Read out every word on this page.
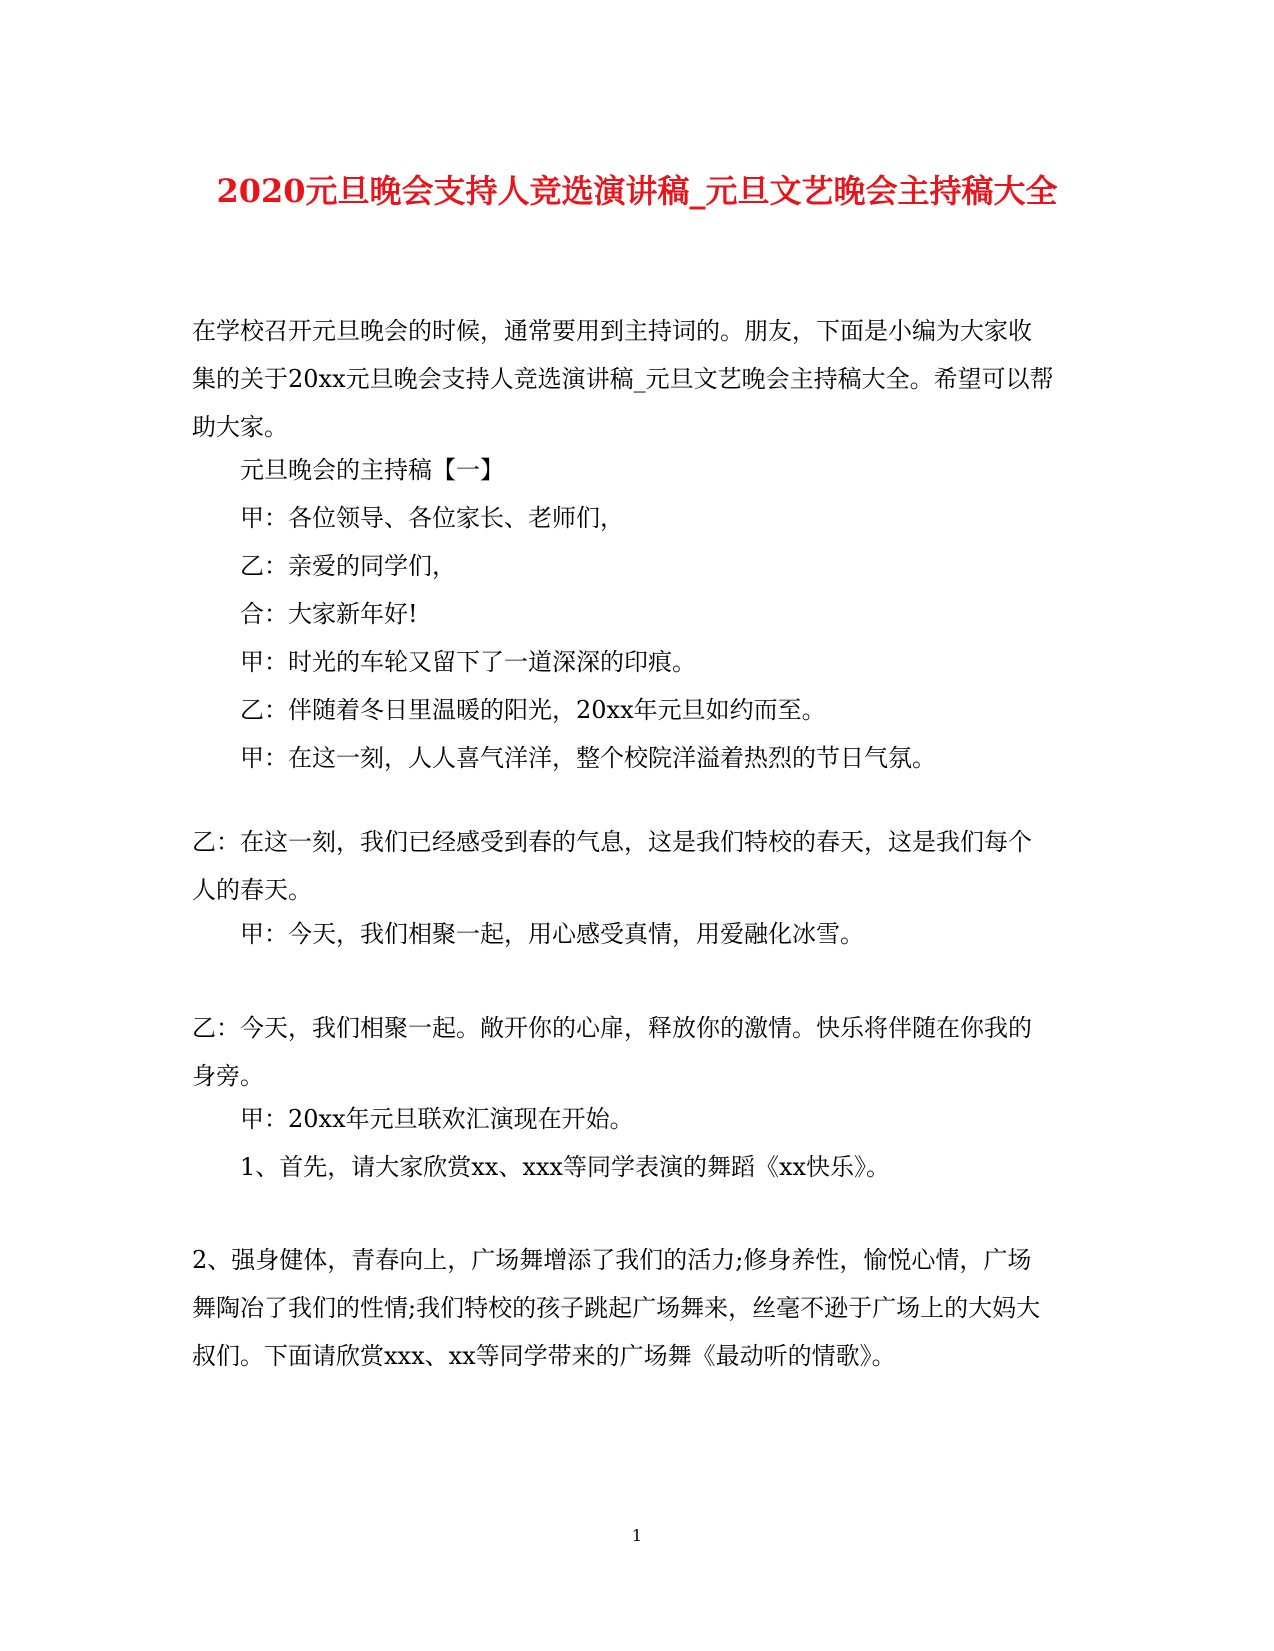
2020元旦晚会支持人竞选演讲稿_元旦文艺晚会主持稿大全
在学校召开元旦晚会的时候，通常要用到主持词的。朋友，下面是小编为大家收
集的关于20xx元旦晚会支持人竞选演讲稿_元旦文艺晚会主持稿大全。希望可以帮
助大家。
元旦晚会的主持稿【一】
甲：各位领导、各位家长、老师们，
乙：亲爱的同学们，
合：大家新年好!
甲：时光的车轮又留下了一道深深的印痕。
乙：伴随着冬日里温暖的阳光，20xx年元旦如约而至。
甲：在这一刻，人人喜气洋洋，整个校院洋溢着热烈的节日气氛。
乙：在这一刻，我们已经感受到春的气息，这是我们特校的春天，这是我们每个
人的春天。
甲：今天，我们相聚一起，用心感受真情，用爱融化冰雪。
乙：今天，我们相聚一起。敞开你的心扉，释放你的激情。快乐将伴随在你我的
身旁。
甲：20xx年元旦联欢汇演现在开始。
1、首先，请大家欣赏xx、xxx等同学表演的舞蹈《xx快乐》。
2、强身健体，青春向上，广场舞增添了我们的活力;修身养性，愉悦心情，广场
舞陶冶了我们的性情;我们特校的孩子跳起广场舞来，丝毫不逊于广场上的大妈大
叔们。下面请欣赏xxx、xx等同学带来的广场舞《最动听的情歌》。
1
